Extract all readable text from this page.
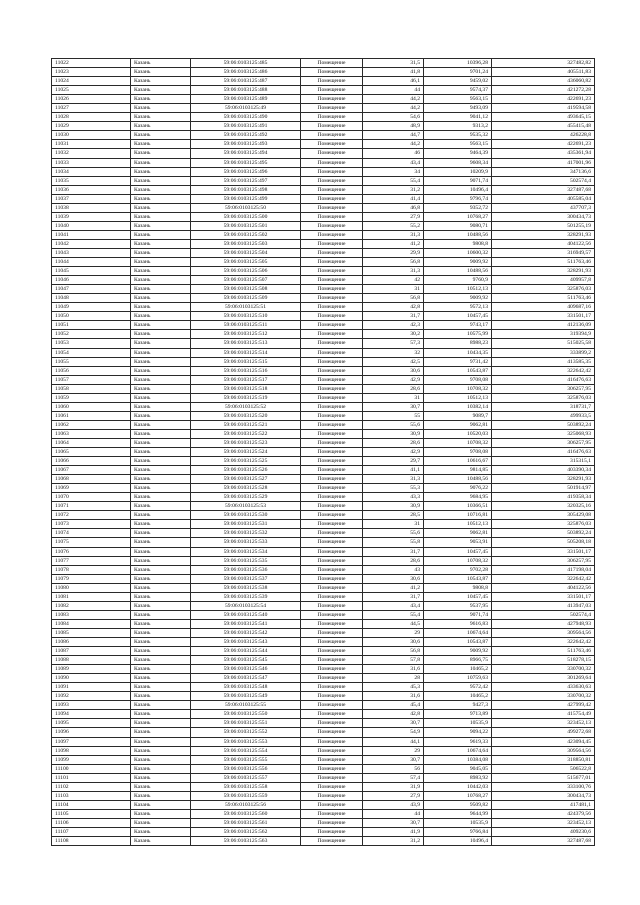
11022	Казань	59:06:0103125:485	Помещение	31,5	10396,28	327482,82
11023	Казань	59:06:0103125:486	Помещение	41,8	9701,24	405511,83
11024	Казань	59:06:0103125:487	Помещение	46,1	9459,02	436060,82
11025	Казань	59:06:0103125:488	Помещение	44	9574,37	421272,28
11026	Казань	59:06:0103125:489	Помещение	44,2	9563,15	422691,23
11027	Казань	59:06:0103125:49	Помещение	44,2	9493,09	419594,58
11028	Казань	59:06:0103125:490	Помещение	54,6	9041,12	493645,15
11029	Казань	59:06:0103125:491	Помещение	48,9	9313,2	455415,48
11030	Казань	59:06:0103125:492	Помещение	44,7	9535,32	426228,8
11031	Казань	59:06:0103125:493	Помещение	44,2	9563,15	422691,23
11032	Казань	59:06:0103125:494	Помещение	46	9464,39	435361,94
11033	Казань	59:06:0103125:495	Помещение	43,4	9608,34	417001,96
11034	Казань	59:06:0103125:496	Помещение	34	10209,9	347136,6
11035	Казань	59:06:0103125:497	Помещение	55,4	9071,74	502574,4
11036	Казань	59:06:0103125:498	Помещение	31,2	10496,4	327487,68
11037	Казань	59:06:0103125:499	Помещение	41,4	9796,74	405585,04
11038	Казань	59:06:0103125:50	Помещение	46,8	9352,72	437707,3
11039	Казань	59:06:0103125:500	Помещение	27,9	10768,27	300434,73
11040	Казань	59:06:0103125:501	Помещение	55,2	9080,71	501255,19
11041	Казань	59:06:0103125:502	Помещение	31,3	10488,56	328291,93
11042	Казань	59:06:0103125:503	Помещение	41,2	9808,8	404122,56
11043	Казань	59:06:0103125:504	Помещение	29,9	10600,32	316949,57
11044	Казань	59:06:0103125:505	Помещение	56,8	9009,92	511763,46
11045	Казань	59:06:0103125:506	Помещение	31,3	10488,56	328291,93
11046	Казань	59:06:0103125:507	Помещение	42	9760,9	409957,8
11047	Казань	59:06:0103125:508	Помещение	31	10512,13	325876,03
11048	Казань	59:06:0103125:509	Помещение	56,8	9009,92	511763,46
11049	Казань	59:06:0103125:51	Помещение	42,8	9572,13	409687,16
11050	Казань	59:06:0103125:510	Помещение	31,7	10457,45	331501,17
11051	Казань	59:06:0103125:511	Помещение	42,3	9743,17	412136,09
11052	Казань	59:06:0103125:512	Помещение	30,2	10575,99	319394,9
11053	Казань	59:06:0103125:513	Помещение	57,3	8988,23	515025,58
11054	Казань	59:06:0103125:514	Помещение	32	10434,35	333899,2
11055	Казань	59:06:0103125:515	Помещение	42,5	9731,42	413585,35
11056	Казань	59:06:0103125:516	Помещение	30,6	10543,87	322642,42
11057	Казань	59:06:0103125:517	Помещение	42,9	9708,08	416476,63
11058	Казань	59:06:0103125:518	Помещение	28,6	10708,32	306257,95
11059	Казань	59:06:0103125:519	Помещение	31	10512,13	325876,03
11060	Казань	59:06:0103125:52	Помещение	30,7	10382,14	318731,7
11061	Казань	59:06:0103125:520	Помещение	55	9089,7	499933,5
11062	Казань	59:06:0103125:521	Помещение	55,6	9062,81	503892,24
11063	Казань	59:06:0103125:522	Помещение	30,9	10520,03	325068,93
11064	Казань	59:06:0103125:523	Помещение	28,6	10708,32	306257,95
11065	Казань	59:06:0103125:524	Помещение	42,9	9708,08	416476,63
11066	Казань	59:06:0103125:525	Помещение	29,7	10616,67	315315,1
11067	Казань	59:06:0103125:526	Помещение	41,1	9814,85	403390,34
11068	Казань	59:06:0103125:527	Помещение	31,3	10488,56	328291,93
11069	Казань	59:06:0103125:528	Помещение	55,3	9076,22	501914,97
11070	Казань	59:06:0103125:529	Помещение	43,3	9684,95	419358,34
11071	Казань	59:06:0103125:53	Помещение	30,9	10366,51	320325,16
11072	Казань	59:06:0103125:530	Помещение	28,5	10716,81	305429,08
11073	Казань	59:06:0103125:531	Помещение	31	10512,13	325876,03
11074	Казань	59:06:0103125:532	Помещение	55,6	9062,81	503892,24
11075	Казань	59:06:0103125:533	Помещение	55,8	9053,91	505208,18
11076	Казань	59:06:0103125:534	Помещение	31,7	10457,45	331501,17
11077	Казань	59:06:0103125:535	Помещение	28,6	10708,32	306257,95
11078	Казань	59:06:0103125:536	Помещение	43	9702,28	417198,04
11079	Казань	59:06:0103125:537	Помещение	30,6	10543,87	322642,42
11080	Казань	59:06:0103125:538	Помещение	41,2	9808,8	404122,56
11081	Казань	59:06:0103125:539	Помещение	31,7	10457,45	331501,17
11082	Казань	59:06:0103125:54	Помещение	43,4	9537,95	413947,03
11083	Казань	59:06:0103125:540	Помещение	55,4	9071,74	502574,4
11084	Казань	59:06:0103125:541	Помещение	44,5	9616,83	427948,93
11085	Казань	59:06:0103125:542	Помещение	29	10674,64	309564,56
11086	Казань	59:06:0103125:543	Помещение	30,6	10543,87	322642,42
11087	Казань	59:06:0103125:544	Помещение	56,8	9009,92	511763,46
11088	Казань	59:06:0103125:545	Помещение	57,8	8966,75	518278,15
11089	Казань	59:06:0103125:546	Помещение	31,6	10465,2	330700,32
11090	Казань	59:06:0103125:547	Помещение	28	10759,63	301269,64
11091	Казань	59:06:0103125:548	Помещение	45,3	9572,42	433630,63
11092	Казань	59:06:0103125:549	Помещение	31,6	10465,2	330700,32
11093	Казань	59:06:0103125:55	Помещение	45,4	9427,3	427999,42
11094	Казань	59:06:0103125:550	Помещение	42,8	9713,89	415754,49
11095	Казань	59:06:0103125:551	Помещение	30,7	10535,9	323452,13
11096	Казань	59:06:0103125:552	Помещение	54,9	9094,22	499272,68
11097	Казань	59:06:0103125:553	Помещение	44,1	9619,33	423094,45
11098	Казань	59:06:0103125:554	Помещение	29	10674,64	309564,56
11099	Казань	59:06:0103125:555	Помещение	30,7	10384,08	318850,81
11100	Казань	59:06:0103125:556	Помещение	56	9045,05	506522,8
11101	Казань	59:06:0103125:557	Помещение	57,4	8983,92	515677,01
11102	Казань	59:06:0103125:558	Помещение	31,9	10442,03	333100,76
11103	Казань	59:06:0103125:559	Помещение	27,9	10768,27	300434,73
11104	Казань	59:06:0103125:56	Помещение	43,9	9509,82	417481,1
11105	Казань	59:06:0103125:560	Помещение	44	9644,99	424379,56
11106	Казань	59:06:0103125:561	Помещение	30,7	10535,9	323452,13
11107	Казань	59:06:0103125:562	Помещение	41,9	9766,84	409230,6
11108	Казань	59:06:0103125:563	Помещение	31,2	10496,4	327487,68
